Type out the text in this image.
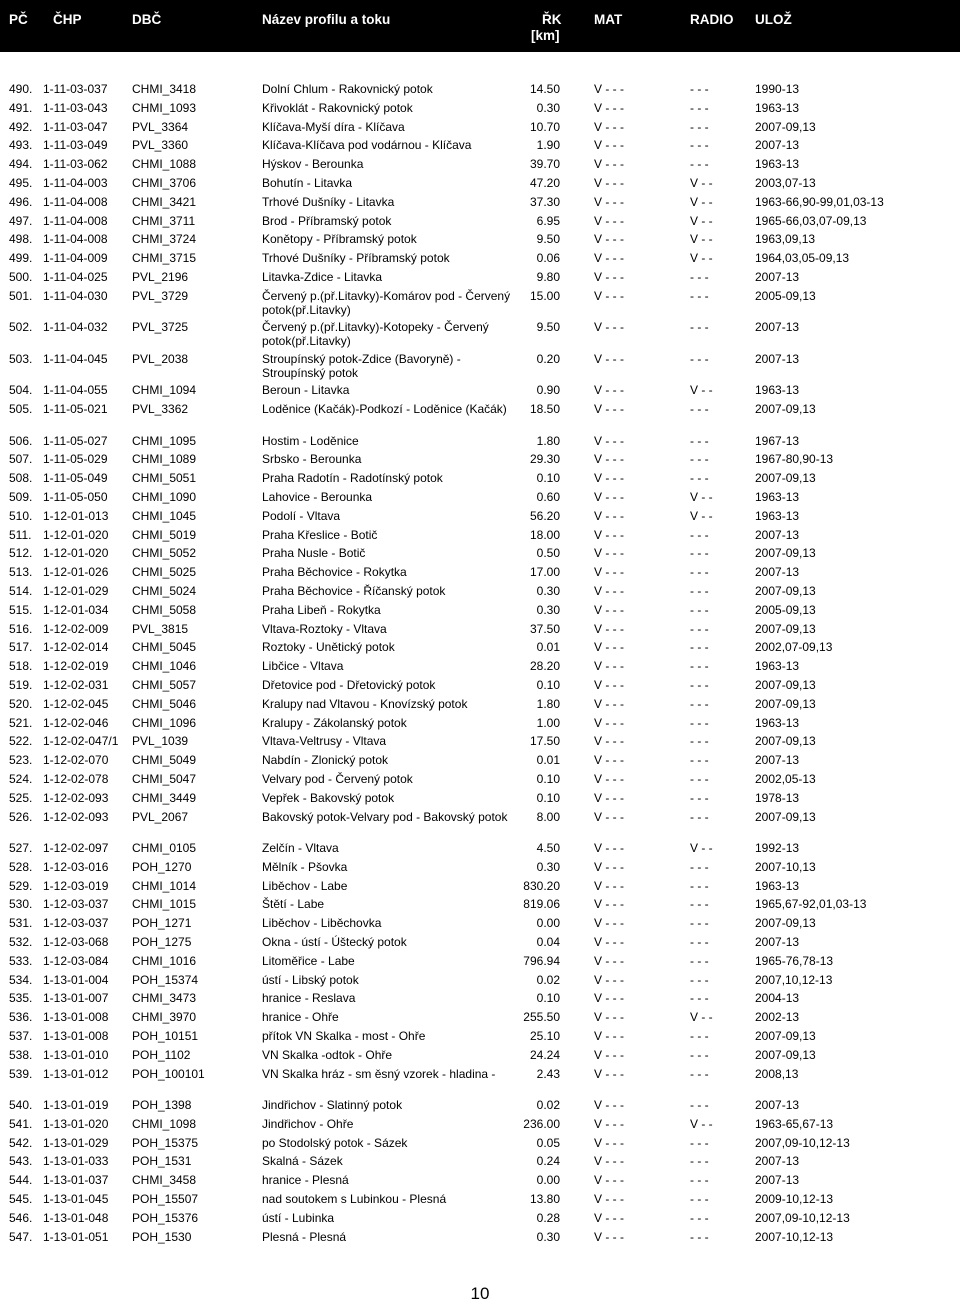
PČ ČHP	DBČ	Název profilu a toku	ŘK
[km]
MAT	RADIO ULOŽ
490. 1-11-03-037 CHMI_3418	Dolní Chlum - Rakovnický potok	14.50	V - - -	- - -	1990-13
491. 1-11-03-043 CHMI_1093	Křivoklát - Rakovnický potok	0.30	V - - -	- - -	1963-13
492. 1-11-03-047 PVL_3364	Klíčava-Myší díra - Klíčava	10.70	V - - -	- - -	2007-09,13
493. 1-11-03-049 PVL_3360	Klíčava-Klíčava pod vodárnou - Klíčava	1.90	V - - -	- - -	2007-13
494. 1-11-03-062 CHMI_1088	Hýskov - Berounka	39.70	V - - -	- - -	1963-13
495. 1-11-04-003 CHMI_3706	Bohutín - Litavka	47.20	V - - -	V - -	2003,07-13
496. 1-11-04-008 CHMI_3421	Trhové Dušníky - Litavka	37.30	V - - -	V - -	1963-66,90-99,01,03-13
497. 1-11-04-008 CHMI_3711	Brod - Příbramský potok	6.95	V - - -	V - -	1965-66,03,07-09,13
498. 1-11-04-008 CHMI_3724	Konětopy - Příbramský potok	9.50	V - - -	V - -	1963,09,13
499. 1-11-04-009 CHMI_3715	Trhové Dušníky - Příbramský potok	0.06	V - - -	V - -	1964,03,05-09,13
500. 1-11-04-025 PVL_2196	Litavka-Zdice - Litavka	9.80	V - - -	- - -	2007-13
501. 1-11-04-030 PVL_3729	Červený p.(př.Litavky)-Komárov pod - Červený potok(př.Litavky)
15.00	V - - -	- - -	2005-09,13
502. 1-11-04-032 PVL_3725	Červený p.(př.Litavky)-Kotopeky - Červený potok(př.Litavky)
9.50	V - - -	- - -	2007-13
503. 1-11-04-045 PVL_2038	Stroupínský potok-Zdice (Bavoryně) - Stroupínský potok
0.20	V - - -	- - -	2007-13
504. 1-11-04-055 CHMI_1094	Beroun - Litavka	0.90	V - - -	V - -	1963-13
505. 1-11-05-021 PVL_3362	Loděnice (Kačák)-Podkozí - Loděnice (Kačák)	18.50	V - - -	- - -	2007-09,13
506. 1-11-05-027 CHMI_1095	Hostim - Loděnice	1.80	V - - -	- - -	1967-13
507. 1-11-05-029 CHMI_1089	Srbsko - Berounka	29.30	V - - -	- - -	1967-80,90-13
508. 1-11-05-049 CHMI_5051	Praha Radotín - Radotínský potok	0.10	V - - -	- - -	2007-09,13
509. 1-11-05-050 CHMI_1090	Lahovice - Berounka	0.60	V - - -	V - -	1963-13
510. 1-12-01-013 CHMI_1045	Podolí - Vltava	56.20	V - - -	V - -	1963-13
511. 1-12-01-020 CHMI_5019	Praha Křeslice - Botič	18.00	V - - -	- - -	2007-13
512. 1-12-01-020 CHMI_5052	Praha Nusle - Botič	0.50	V - - -	- - -	2007-09,13
513. 1-12-01-026 CHMI_5025	Praha Běchovice - Rokytka	17.00	V - - -	- - -	2007-13
514. 1-12-01-029 CHMI_5024	Praha Běchovice - Říčanský potok	0.30	V - - -	- - -	2007-09,13
515. 1-12-01-034 CHMI_5058	Praha Libeň - Rokytka	0.30	V - - -	- - -	2005-09,13
516. 1-12-02-009 PVL_3815	Vltava-Roztoky - Vltava	37.50	V - - -	- - -	2007-09,13
517. 1-12-02-014 CHMI_5045	Roztoky - Unětický potok	0.01	V - - -	- - -	2002,07-09,13
518. 1-12-02-019 CHMI_1046	Libčice - Vltava	28.20	V - - -	- - -	1963-13
519. 1-12-02-031 CHMI_5057	Dřetovice pod - Dřetovický potok	0.10	V - - -	- - -	2007-09,13
520. 1-12-02-045 CHMI_5046	Kralupy nad Vltavou - Knovízský potok	1.80	V - - -	- - -	2007-09,13
521. 1-12-02-046 CHMI_1096	Kralupy - Zákolanský potok	1.00	V - - -	- - -	1963-13
522. 1-12-02-047/1 PVL_1039	Vltava-Veltrusy - Vltava	17.50	V - - -	- - -	2007-09,13
523. 1-12-02-070 CHMI_5049	Nabdín - Zlonický potok	0.01	V - - -	- - -	2007-13
524. 1-12-02-078 CHMI_5047	Velvary pod - Červený potok	0.10	V - - -	- - -	2002,05-13
525. 1-12-02-093 CHMI_3449	Vepřek - Bakovský potok	0.10	V - - -	- - -	1978-13
526. 1-12-02-093 PVL_2067	Bakovský potok-Velvary pod - Bakovský potok	8.00	V - - -	- - -	2007-09,13
527. 1-12-02-097 CHMI_0105	Zelčín - Vltava	4.50	V - - -	V - -	1992-13
528. 1-12-03-016 POH_1270	Mělník - Pšovka	0.30	V - - -	- - -	2007-10,13
529. 1-12-03-019 CHMI_1014	Liběchov - Labe	830.20	V - - -	- - -	1963-13
530. 1-12-03-037 CHMI_1015	Štětí - Labe	819.06	V - - -	- - -	1965,67-92,01,03-13
531. 1-12-03-037 POH_1271	Liběchov - Liběchovka	0.00	V - - -	- - -	2007-09,13
532. 1-12-03-068 POH_1275	Okna - ústí - Úštecký potok	0.04	V - - -	- - -	2007-13
533. 1-12-03-084 CHMI_1016	Litoměřice - Labe	796.94	V - - -	- - -	1965-76,78-13
534. 1-13-01-004 POH_15374	ústí - Libský potok	0.02	V - - -	- - -	2007,10,12-13
535. 1-13-01-007 CHMI_3473	hranice - Reslava	0.10	V - - -	- - -	2004-13
536. 1-13-01-008 CHMI_3970	hranice - Ohře	255.50	V - - -	V - -	2002-13
537. 1-13-01-008 POH_10151	přítok VN Skalka - most - Ohře	25.10	V - - -	- - -	2007-09,13
538. 1-13-01-010 POH_1102	VN Skalka -odtok - Ohře	24.24	V - - -	- - -	2007-09,13
539. 1-13-01-012 POH_100101	VN Skalka hráz - sm ěsný vzorek - hladina -	2.43	V - - -	- - -	2008,13
540. 1-13-01-019 POH_1398	Jindřichov - Slatinný potok	0.02	V - - -	- - -	2007-13
541. 1-13-01-020 CHMI_1098	Jindřichov - Ohře	236.00	V - - -	V - -	1963-65,67-13
542. 1-13-01-029 POH_15375	po Stodolský potok - Sázek	0.05	V - - -	- - -	2007,09-10,12-13
543. 1-13-01-033 POH_1531	Skalná - Sázek	0.24	V - - -	- - -	2007-13
544. 1-13-01-037 CHMI_3458	hranice - Plesná	0.00	V - - -	- - -	2007-13
545. 1-13-01-045 POH_15507	nad soutokem s Lubinkou - Plesná	13.80	V - - -	- - -	2009-10,12-13
546. 1-13-01-048 POH_15376	ústí - Lubinka	0.28	V - - -	- - -	2007,09-10,12-13
547. 1-13-01-051 POH_1530	Plesná - Plesná	0.30	V - - -	- - -	2007-10,12-13
10
